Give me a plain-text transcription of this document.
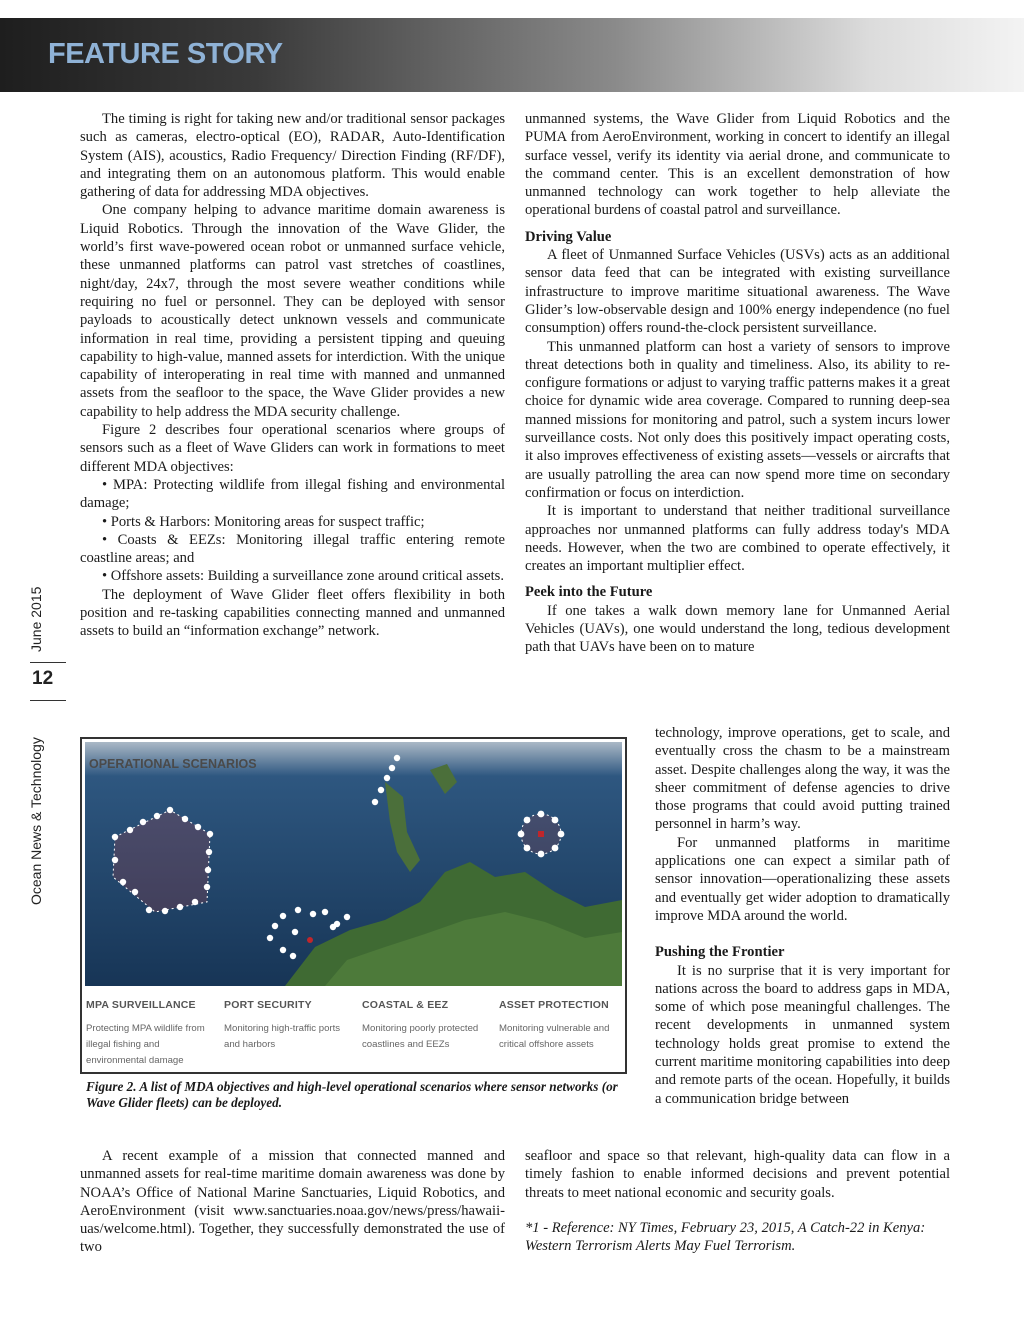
FEATURE STORY
June 2015
12
Ocean News & Technology

The timing is right for taking new and/or traditional sensor packages such as cameras, electro-optical (EO), RADAR, Auto-Identification System (AIS), acoustics, Radio Frequency/ Direction Finding (RF/DF), and integrating them on an autonomous platform. This would enable gathering of data for addressing MDA objectives.

One company helping to advance maritime domain awareness is Liquid Robotics. Through the innovation of the Wave Glider, the world’s first wave-powered ocean robot or unmanned surface vehicle, these unmanned platforms can patrol vast stretches of coastlines, night/day, 24x7, through the most severe weather conditions while requiring no fuel or personnel. They can be deployed with sensor payloads to acoustically detect unknown vessels and communicate information in real time, providing a persistent tipping and queuing capability to high-value, manned assets for interdiction. With the unique capability of interoperating in real time with manned and unmanned assets from the seafloor to the space, the Wave Glider provides a new capability to help address the MDA security challenge.

Figure 2 describes four operational scenarios where groups of sensors such as a fleet of Wave Gliders can work in formations to meet different MDA objectives:

• MPA: Protecting wildlife from illegal fishing and environmental damage;

• Ports & Harbors: Monitoring areas for suspect traffic;

• Coasts & EEZs: Monitoring illegal traffic entering remote coastline areas; and

• Offshore assets: Building a surveillance zone around critical assets.

The deployment of Wave Glider fleet offers flexibility in both position and re-tasking capabilities connecting manned and unmanned assets to build an “information exchange” network.

unmanned systems, the Wave Glider from Liquid Robotics and the PUMA from AeroEnvironment, working in concert to identify an illegal surface vessel, verify its identity via aerial drone, and communicate to the command center. This is an excellent demonstration of how unmanned technology can work together to help alleviate the operational burdens of coastal patrol and surveillance.

Driving Value

A fleet of Unmanned Surface Vehicles (USVs) acts as an additional sensor data feed that can be integrated with existing surveillance infrastructure to improve maritime situational awareness. The Wave Glider’s low-observable design and 100% energy independence (no fuel consumption) offers round-the-clock persistent surveillance.

This unmanned platform can host a variety of sensors to improve threat detections both in quality and timeliness. Also, its ability to re-configure formations or adjust to varying traffic patterns makes it a great choice for dynamic wide area coverage. Compared to running deep-sea manned missions for monitoring and patrol, such a system incurs lower surveillance costs. Not only does this positively impact operating costs, it also improves effectiveness of existing assets—vessels or aircrafts that are usually patrolling the area can now spend more time on secondary confirmation or focus on interdiction.

It is important to understand that neither traditional surveillance approaches nor unmanned platforms can fully address today's MDA needs. However, when the two are combined to operate effectively, it creates an important multiplier effect.

Peek into the Future

If one takes a walk down memory lane for Unmanned Aerial Vehicles (UAVs), one would understand the long, tedious development path that UAVs have been on to mature

technology, improve operations, get to scale, and eventually cross the chasm to be a mainstream asset. Despite challenges along the way, it was the sheer commitment of defense agencies to drive those programs that could avoid putting trained personnel in harm’s way.

For unmanned platforms in maritime applications one can expect a similar path of sensor innovation—operationalizing these assets and eventually get wider adoption to dramatically improve MDA around the world.

Pushing the Frontier

It is no surprise that it is very important for nations across the board to address gaps in MDA, some of which pose meaningful challenges. The recent developments in unmanned system technology holds great promise to extend the current maritime monitoring capabilities into deep and remote parts of the ocean. Hopefully, it builds a communication bridge between

OPERATIONAL SCENARIOS
MPA SURVEILLANCE
Protecting MPA wildlife from illegal fishing and environmental damage
PORT SECURITY
Monitoring high-traffic ports and harbors
COASTAL & EEZ
Monitoring poorly protected coastlines and EEZs
ASSET PROTECTION
Monitoring vulnerable and critical offshore assets
Figure 2. A list of MDA objectives and high-level operational scenarios where sensor networks (or Wave Glider fleets) can be deployed.

A recent example of a mission that connected manned and unmanned assets for real-time maritime domain awareness was done by NOAA’s Office of National Marine Sanctuaries, Liquid Robotics, and AeroEnvironment (visit www.sanctuaries.noaa.gov/news/press/hawaii-uas/welcome.html). Together, they successfully demonstrated the use of two

seafloor and space so that relevant, high-quality data can flow in a timely fashion to enable informed decisions and prevent potential threats to meet national economic and security goals.

*1 - Reference: NY Times, February 23, 2015, A Catch-22 in Kenya: Western Terrorism Alerts May Fuel Terrorism.
